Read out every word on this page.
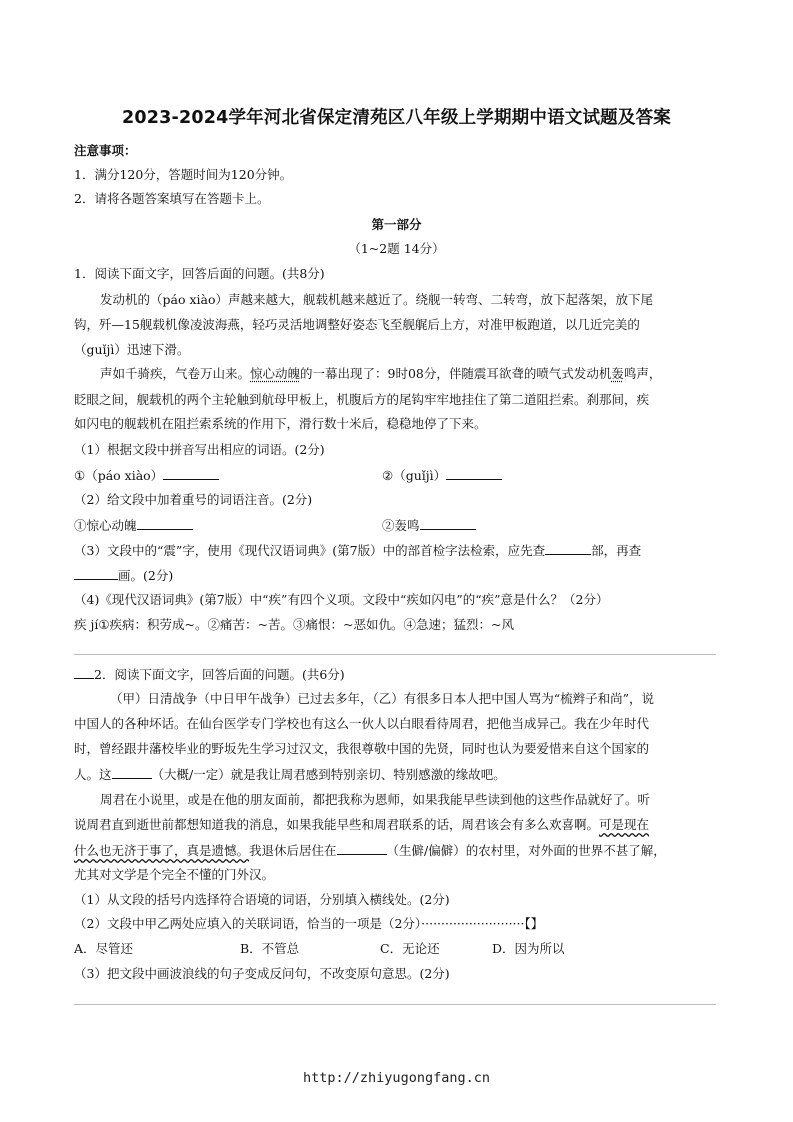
2023-2024学年河北省保定清苑区八年级上学期期中语文试题及答案
注意事项：
1．满分120分，答题时间为120分钟。
2．请将各题答案填写在答题卡上。
第一部分
（1~2题 14分）
1．阅读下面文字，回答后面的问题。(共8分)
发动机的（páo xiào）声越来越大，舰载机越来越近了。绕舰一转弯、二转弯，放下起落架，放下尾
钩，歼—15舰载机像凌波海燕，轻巧灵活地调整好姿态飞至舰艉后上方，对准甲板跑道，以几近完美的
（guǐjì）迅速下滑。
声如千骑疾，气卷万山来。惊心动魄的一幕出现了：9时08分，伴随震耳欲聋的喷气式发动机轰鸣声，
眨眼之间，舰载机的两个主轮触到航母甲板上，机腹后方的尾钩牢牢地挂住了第二道阻拦索。刹那间，疾
如闪电的舰载机在阻拦索系统的作用下，滑行数十米后，稳稳地停了下来。
（1）根据文段中拼音写出相应的词语。(2分)
①（páo xiào）	②（guǐjì）
（2）给文段中加着重号的词语注音。(2分)
①惊心动魄	②轰鸣
（3）文段中的“震”字，使用《现代汉语词典》(第7版）中的部首检字法检索，应先查	部，再查
画。(2分)
（4)《现代汉语词典》(第7版）中“疾”有四个义项。文段中“疾如闪电”的“疾”意是什么？（2分）
疾 jí①疾病：积劳成~。②痛苦：~苦。③痛恨：~恶如仇。④急速；猛烈：~风
2．阅读下面文字，回答后面的问题。(共6分)
（甲）日清战争（中日甲午战争）已过去多年，（乙）有很多日本人把中国人骂为“梳辫子和尚”，说
中国人的各种坏话。在仙台医学专门学校也有这么一伙人以白眼看待周君，把他当成异己。我在少年时代
时，曾经跟井藩校毕业的野坂先生学习过汉文，我很尊敬中国的先贤，同时也认为要爱惜来自这个国家的
人。这	（大概/一定）就是我让周君感到特别亲切、特别感激的缘故吧。
周君在小说里，或是在他的朋友面前，都把我称为恩师，如果我能早些读到他的这些作品就好了。听
说周君直到逝世前都想知道我的消息，如果我能早些和周君联系的话，周君该会有多么欢喜啊。可是现在
什么也无济于事了，真是遗憾。我退休后居住在	（生僻/偏僻）的农村里，对外面的世界不甚了解，
尤其对文学是个完全不懂的门外汉。
（1）从文段的括号内选择符合语境的词语，分别填入横线处。(2分)
（2）文段中甲乙两处应填入的关联词语，恰当的一项是（2分）··························【】
A．尽管还	B．不管总	C．无论还	D．因为所以
（3）把文段中画波浪线的句子变成反问句，不改变原句意思。(2分)
http://zhiyugongfang.cn
